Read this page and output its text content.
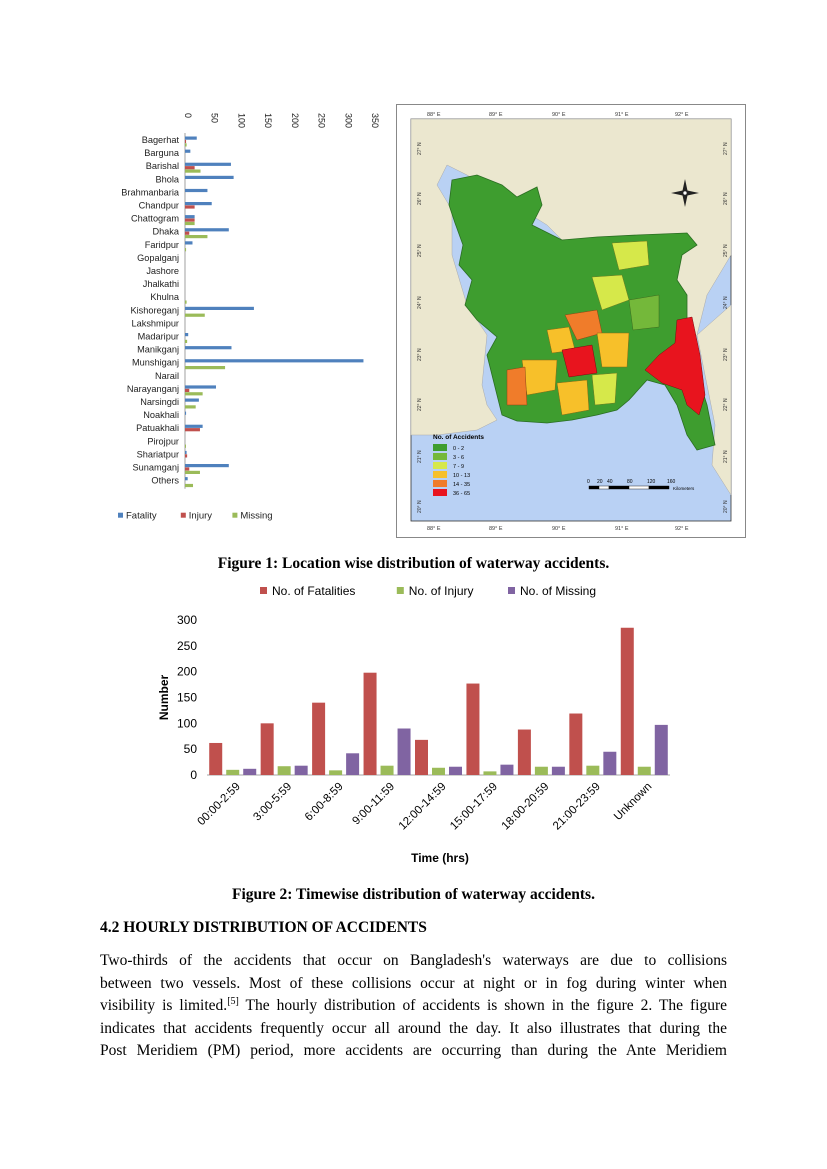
0 50 100 150 200 250 300 350
Bagerhat
Barguna
Barishal
Bhola
Brahmanbaria
Chandpur
Chattogram
Dhaka
Faridpur
Gopalganj
Jashore
Jhalkathi
Khulna
Kishoreganj
Lakshmipur
Madaripur
Manikganj
Munshiganj
Narail
Narayanganj
Narsingdi
Noakhali
Patuakhali
Pirojpur
Shariatpur
Sunamganj
Others
Fatality	Injury	Missing
No. of Accidents
0 - 2
3 - 6
7 - 9
10 - 13
14 - 35
36 - 65
0 20 40	80	120 160
Kilometers
88° E	89° E	90° E	91° E	92° E
88° E	89° E	90° E	91° E	92° E
27° N
26° N
25° N
24° N
23° N
22° N
21° N
20° N
27° N
26° N
25° N
24° N
23° N
22° N
21° N
20° N
Figure 1: Location wise distribution of waterway accidents.
0
50
100
150
200
250
300
00:00-2:59 3:00-5:59 6:00-8:59 9:00-11:59 12:00-14:59 15:00-17:59 18:00-20:59 21:00-23:59 Unknown
Number
Time (hrs)
No. of Fatalities	No. of Injury	No. of Missing
Figure 2: Timewise distribution of waterway accidents.
4.2 HOURLY DISTRIBUTION OF ACCIDENTS
Two-thirds of the accidents that occur on Bangladesh's waterways are due to collisions
between two vessels. Most of these collisions occur at night or in fog during winter when
visibility is limited.[5] The hourly distribution of accidents is shown in the figure 2. The figure
indicates that accidents frequently occur all around the day. It also illustrates that during the
Post Meridiem (PM) period, more accidents are occurring than during the Ante Meridiem
